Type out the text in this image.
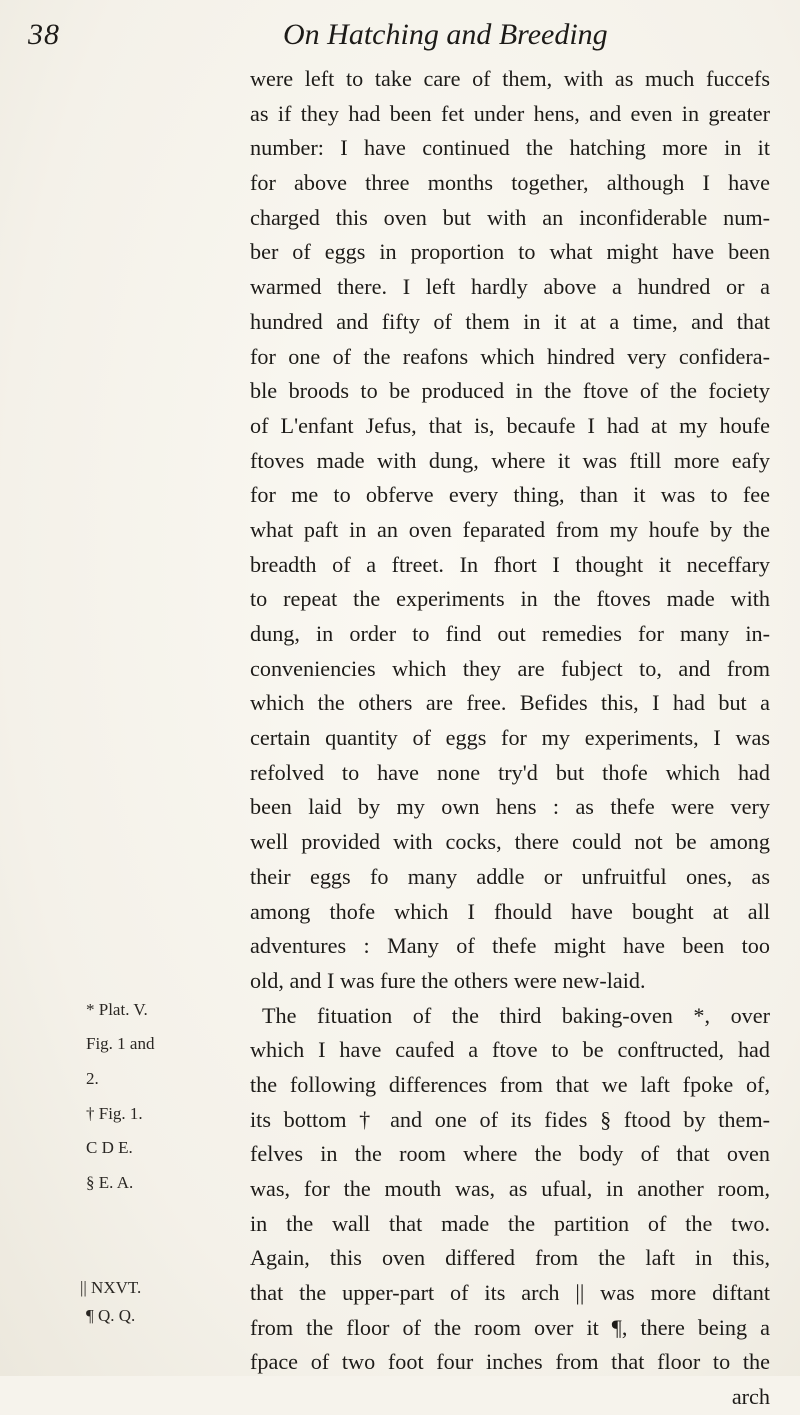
38	On Hatching and Breeding
were left to take care of them, with as much fuccefs
as if they had been fet under hens, and even in greater
number: I have continued the hatching more in it
for above three months together, although I have
charged this oven but with an inconfiderable num-
ber of eggs in proportion to what might have been
warmed there. I left hardly above a hundred or a
hundred and fifty of them in it at a time, and that
for one of the reafons which hindred very confidera-
ble broods to be produced in the ftove of the fociety
of L'enfant Jefus, that is, becaufe I had at my houfe
ftoves made with dung, where it was ftill more eafy
for me to obferve every thing, than it was to fee
what paft in an oven feparated from my houfe by the
breadth of a ftreet. In fhort I thought it neceffary
to repeat the experiments in the ftoves made with
dung, in order to find out remedies for many in-
conveniencies which they are fubject to, and from
which the others are free. Befides this, I had but a
certain quantity of eggs for my experiments, I was
refolved to have none try'd but thofe which had
been laid by my own hens : as thefe were very
well provided with cocks, there could not be among
their eggs fo many addle or unfruitful ones, as
among thofe which I fhould have bought at all
adventures : Many of thefe might have been too
old, and I was fure the others were new-laid.
The fituation of the third baking-oven *, over
which I have caufed a ftove to be conftructed, had
the following differences from that we laft fpoke of,
its bottom † and one of its fides § ftood by them-
felves in the room where the body of that oven
was, for the mouth was, as ufual, in another room,
in the wall that made the partition of the two.
Again, this oven differed from the laft in this,
that the upper-part of its arch || was more diftant
from the floor of the room over it ¶, there being a
fpace of two foot four inches from that floor to the
arch
* Plat. V.
Fig. 1 and
2.
† Fig. 1.
C D E.
§ E. A.
|| NXVT.
¶ Q. Q.
